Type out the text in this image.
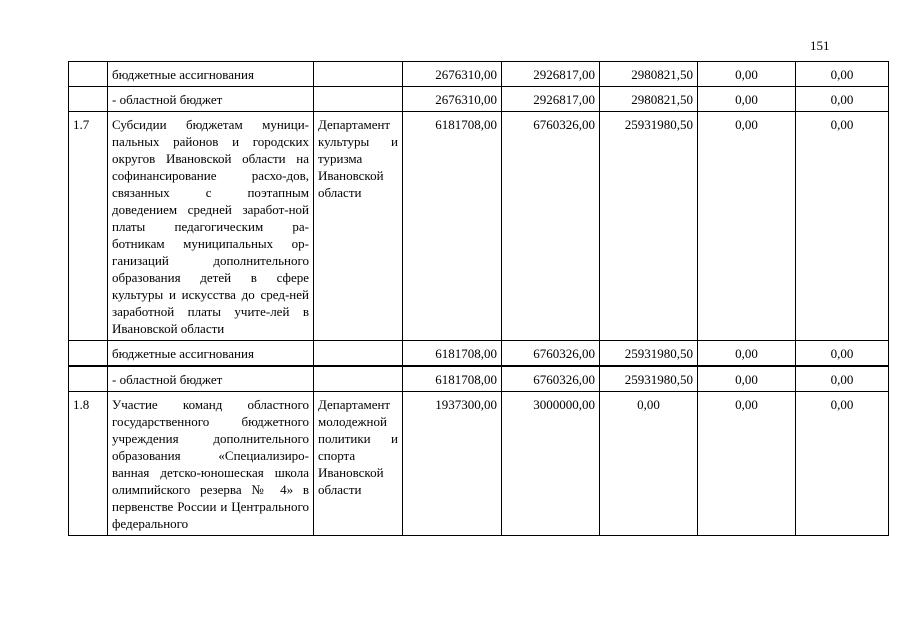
151
	бюджетные ассигнования		2676310,00	2926817,00	2980821,50	0,00	0,00
	- областной бюджет		2676310,00	2926817,00	2980821,50	0,00	0,00
1.7	Субсидии бюджетам муници-пальных районов и городских округов Ивановской области на софинансирование расхо-дов, связанных с поэтапным доведением средней заработ-ной платы педагогическим ра-ботникам муниципальных ор-ганизаций дополнительного образования детей в сфере культуры и искусства до сред-ней заработной платы учите-лей в Ивановской области	Департамент культуры и туризма Ивановской области	6181708,00	6760326,00	25931980,50	0,00	0,00
	бюджетные ассигнования		6181708,00	6760326,00	25931980,50	0,00	0,00
	- областной бюджет		6181708,00	6760326,00	25931980,50	0,00	0,00
1.8	Участие команд областного государственного бюджетного учреждения дополнительного образования «Специализиро-ванная детско-юношеская школа олимпийского резерва № 4» в первенстве России и Центрального федерального	Департамент молодежной политики и спорта Ивановской области	1937300,00	3000000,00	0,00	0,00	0,00
